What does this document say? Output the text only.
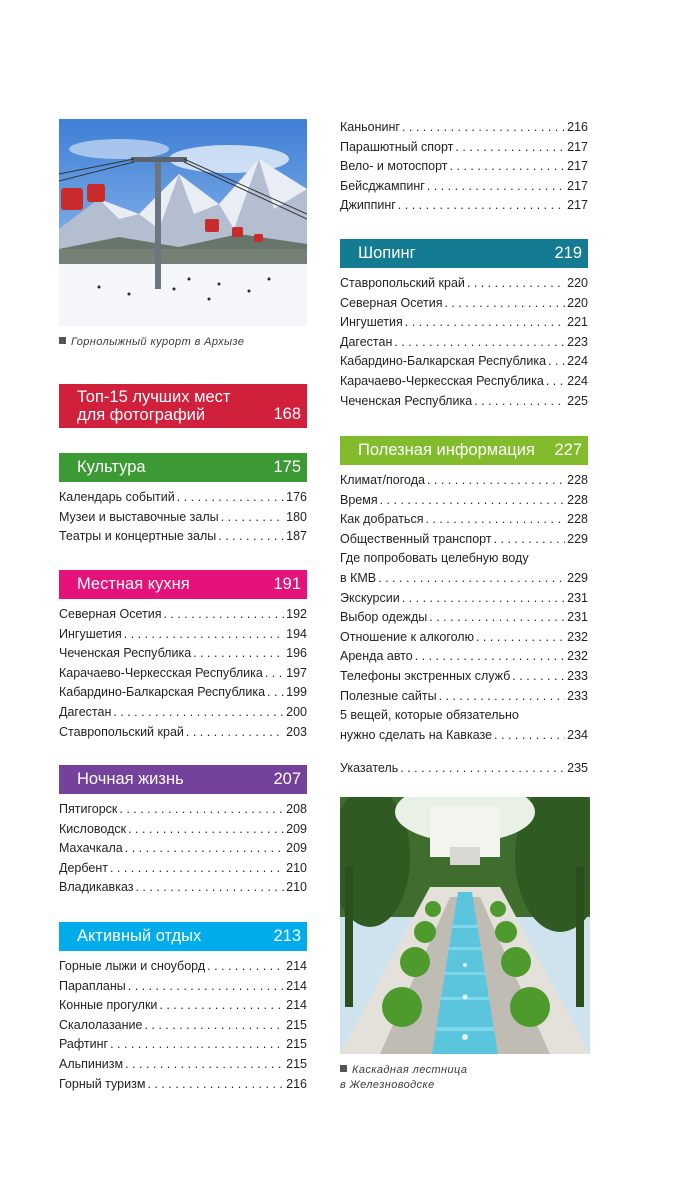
Горнолыжный курорт в Архызе
Топ-15 лучших мест
для фотографий	168
Культура	175
Календарь событий . . .	176
Музеи и выставочные залы . . .	180
Театры и концертные залы . . .	187
Местная кухня	191
Северная Осетия . . .	192
Ингушетия . . .	194
Чеченская Республика . . .	196
Карачаево-Черкесская Республика . . . 197
Кабардино-Балкарская Республика . . . 199
Дагестан . . .	200
Ставропольский край . . .	203
Ночная жизнь	207
Пятигорск . . .	208
Кисловодск . . .	209
Махачкала . . .	209
Дербент . . .	210
Владикавказ . . .	210
Активный отдых	213
Горные лыжи и сноуборд . . .	214
Парапланы . . .	214
Конные прогулки . . .	214
Скалолазание . . .	215
Рафтинг . . .	215
Альпинизм . . .	215
Горный туризм . . .	216
Каньонинг . . .	216
Парашютный спорт . . .	217
Вело- и мотоспорт . . .	217
Бейсджампинг . . .	217
Джиппинг . . .	217
Шопинг	219
Ставропольский край . . .	220
Северная Осетия . . .	220
Ингушетия . . .	221
Дагестан . . .	223
Кабардино-Балкарская Республика . . . 224
Карачаево-Черкесская Республика . . . 224
Чеченская Республика . . .	225
Полезная информация 227
Климат/погода . . .	228
Время . . .	228
Как добраться . . .	228
Общественный транспорт . . .	229
Где попробовать целебную воду
в КМВ . . .	229
Экскурсии . . .	231
Выбор одежды . . .	231
Отношение к алкоголю . . .	232
Аренда авто . . .	232
Телефоны экстренных служб . . .	233
Полезные сайты . . .	233
5 вещей, которые обязательно
нужно сделать на Кавказе . . .	234
Указатель . . .	235
Каскадная лестница
в Железноводске
